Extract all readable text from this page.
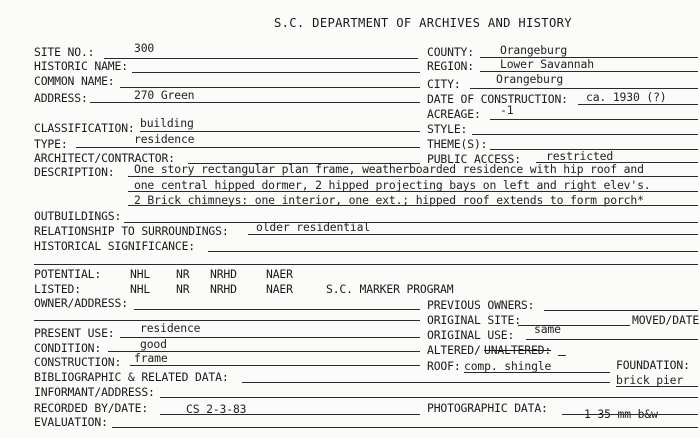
S.C. DEPARTMENT OF ARCHIVES AND HISTORY
SITE NO.:	300	COUNTY: Orangeburg
HISTORIC NAME:	REGION: Lower Savannah
COMMON NAME:	CITY:	Orangeburg
ADDRESS:	270 Green	DATE OF CONSTRUCTION: ca. 1930 (?)
ACREAGE: -1
CLASSIFICATION: building	STYLE:
TYPE:	residence	THEME(S):
ARCHITECT/CONTRACTOR:	PUBLIC ACCESS: restricted
DESCRIPTION: One story rectangular plan frame, weatherboarded residence with hip roof and
one central hipped dormer, 2 hipped projecting bays on left and right elev's.
2 Brick chimneys: one interior, one ext.; hipped roof extends to form porch*
OUTBUILDINGS:
RELATIONSHIP TO SURROUNDINGS: older residential
HISTORICAL SIGNIFICANCE:
POTENTIAL:	NHL NR NRHD	NAER
LISTED:	NHL NR NRHD	NAER	S.C. MARKER PROGRAM
OWNER/ADDRESS:	PREVIOUS OWNERS:
ORIGINAL SITE:	MOVED/DATE
PRESENT USE: residence	ORIGINAL USE: same
CONDITION:	good	ALTERED/ UNALTERED:
CONSTRUCTION: frame
ROOF: comp. shingle	FOUNDATION:
brick pier
BIBLIOGRAPHIC & RELATED DATA:
INFORMANT/ADDRESS:
RECORDED BY/DATE:	CS 2-3-83	PHOTOGRAPHIC DATA:	1 35 mm b&w
EVALUATION:
